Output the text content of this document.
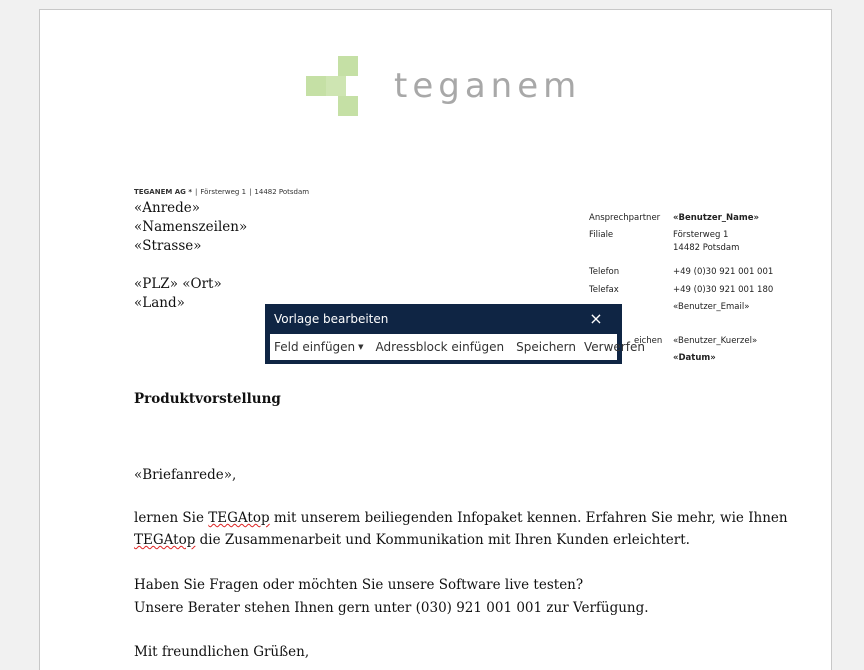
teganem
TEGANEM AG * | Försterweg 1 | 14482 Potsdam
«Anrede»
«Namenszeilen»
«Strasse»
«PLZ» «Ort»
«Land»
Ansprechpartner «Benutzer_Name»
Filiale	Försterweg 1
14482 Potsdam
Telefon	+49 (0)30 921 001 001
Telefax	+49 (0)30 921 001 180
«Benutzer_Email»
eichen «Benutzer_Kuerzel»
«Datum»
Produktvorstellung
«Briefanrede»,
lernen Sie TEGAtop mit unserem beiliegenden Infopaket kennen. Erfahren Sie mehr, wie Ihnen
TEGAtop die Zusammenarbeit und Kommunikation mit Ihren Kunden erleichtert.
Haben Sie Fragen oder möchten Sie unsere Software live testen?
Unsere Berater stehen Ihnen gern unter (030) 921 001 001 zur Verfügung.
Mit freundlichen Grüßen,
Vorlage bearbeiten	×
Feld einfügen ▼	Adressblock einfügen	Speichern Verwerfen
